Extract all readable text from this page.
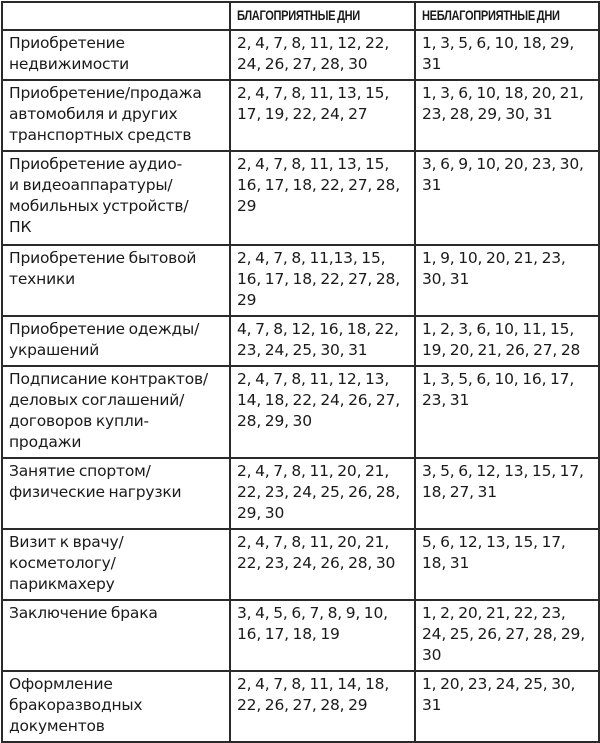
	БЛАГОПРИЯТНЫЕ ДНИ	НЕБЛАГОПРИЯТНЫЕ ДНИ

Приобретение
недвижимости	2, 4, 7, 8, 11, 12, 22, 24, 26, 27, 28, 30	1, 3, 5, 6, 10, 18, 29, 31

Приобретение/продажа
автомобиля и других
транспортных средств	2, 4, 7, 8, 11, 13, 15, 17, 19, 22, 24, 27	1, 3, 6, 10, 18, 20, 21, 23, 28, 29, 30, 31

Приобретение аудио-
и видеоаппаратуры/
мобильных устройств/
ПК	2, 4, 7, 8, 11, 13, 15, 16, 17, 18, 22, 27, 28, 29	3, 6, 9, 10, 20, 23, 30, 31

Приобретение бытовой
техники	2, 4, 7, 8, 11,13, 15, 16, 17, 18, 22, 27, 28, 29	1, 9, 10, 20, 21, 23, 30, 31

Приобретение одежды/
украшений	4, 7, 8, 12, 16, 18, 22, 23, 24, 25, 30, 31	1, 2, 3, 6, 10, 11, 15, 19, 20, 21, 26, 27, 28

Подписание контрактов/
деловых соглашений/
договоров купли-
продажи	2, 4, 7, 8, 11, 12, 13, 14, 18, 22, 24, 26, 27, 28, 29, 30	1, 3, 5, 6, 10, 16, 17, 23, 31

Занятие спортом/
физические нагрузки	2, 4, 7, 8, 11, 20, 21, 22, 23, 24, 25, 26, 28, 29, 30	3, 5, 6, 12, 13, 15, 17, 18, 27, 31

Визит к врачу/
косметологу/
парикмахеру	2, 4, 7, 8, 11, 20, 21, 22, 23, 24, 26, 28, 30	5, 6, 12, 13, 15, 17, 18, 31

Заключение брака	3, 4, 5, 6, 7, 8, 9, 10, 16, 17, 18, 19	1, 2, 20, 21, 22, 23, 24, 25, 26, 27, 28, 29, 30

Оформление
бракоразводных
документов	2, 4, 7, 8, 11, 14, 18, 22, 26, 27, 28, 29	1, 20, 23, 24, 25, 30, 31
